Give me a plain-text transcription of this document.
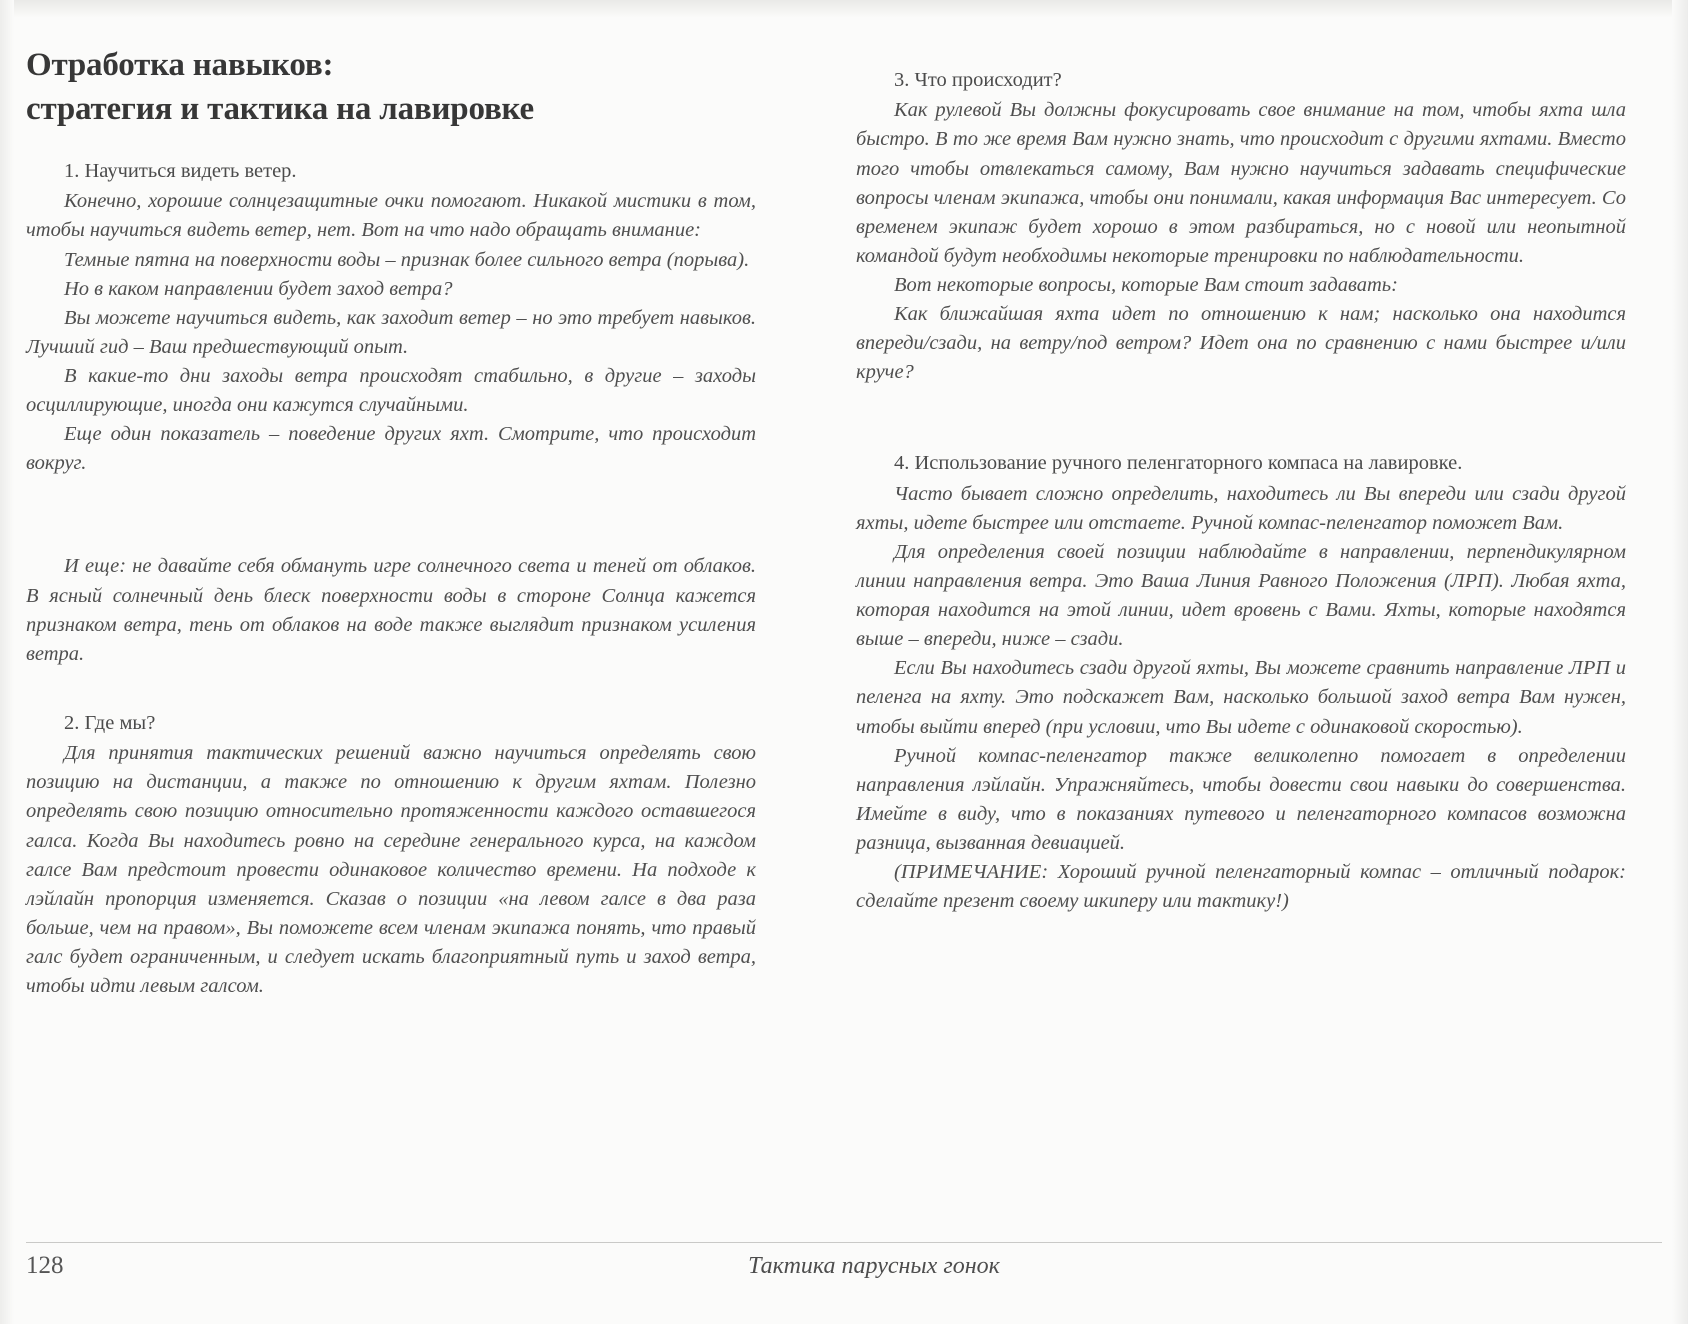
Отработка навыков:
стратегия и тактика на лавировке
1. Научиться видеть ветер.

Конечно, хорошие солнцезащитные очки помогают. Никакой мистики в том, чтобы научиться видеть ветер, нет. Вот на что надо обращать внимание:

Темные пятна на поверхности воды – признак более сильного ветра (порыва).

Но в каком направлении будет заход ветра?

Вы можете научиться видеть, как заходит ветер – но это требует навыков. Лучший гид – Ваш предшествующий опыт.

В какие-то дни заходы ветра происходят стабильно, в другие – заходы осциллирующие, иногда они кажутся случайными.

Еще один показатель – поведение других яхт. Смотрите, что происходит вокруг.

И еще: не давайте себя обмануть игре солнечного света и теней от облаков. В ясный солнечный день блеск поверхности воды в стороне Солнца кажется признаком ветра, тень от облаков на воде также выглядит признаком усиления ветра.

2. Где мы?

Для принятия тактических решений важно научиться определять свою позицию на дистанции, а также по отношению к другим яхтам. Полезно определять свою позицию относительно протяженности каждого оставшегося галса. Когда Вы находитесь ровно на середине генерального курса, на каждом галсе Вам предстоит провести одинаковое количество времени. На подходе к лэйлайн пропорция изменяется. Сказав о позиции «на левом галсе в два раза больше, чем на правом», Вы поможете всем членам экипажа понять, что правый галс будет ограниченным, и следует искать благоприятный путь и заход ветра, чтобы идти левым галсом.

3. Что происходит?

Как рулевой Вы должны фокусировать свое внимание на том, чтобы яхта шла быстро. В то же время Вам нужно знать, что происходит с другими яхтами. Вместо того чтобы отвлекаться самому, Вам нужно научиться задавать специфические вопросы членам экипажа, чтобы они понимали, какая информация Вас интересует. Со временем экипаж будет хорошо в этом разбираться, но с новой или неопытной командой будут необходимы некоторые тренировки по наблюдательности.

Вот некоторые вопросы, которые Вам стоит задавать:

Как ближайшая яхта идет по отношению к нам; насколько она находится впереди/сзади, на ветру/под ветром? Идет она по сравнению с нами быстрее и/или круче?

4. Использование ручного пеленгаторного компаса на лавировке.

Часто бывает сложно определить, находитесь ли Вы впереди или сзади другой яхты, идете быстрее или отстаете. Ручной компас-пеленгатор поможет Вам.

Для определения своей позиции наблюдайте в направлении, перпендикулярном линии направления ветра. Это Ваша Линия Равного Положения (ЛРП). Любая яхта, которая находится на этой линии, идет вровень с Вами. Яхты, которые находятся выше – впереди, ниже – сзади.

Если Вы находитесь сзади другой яхты, Вы можете сравнить направление ЛРП и пеленга на яхту. Это подскажет Вам, насколько большой заход ветра Вам нужен, чтобы выйти вперед (при условии, что Вы идете с одинаковой скоростью).

Ручной компас-пеленгатор также великолепно помогает в определении направления лэйлайн. Упражняйтесь, чтобы довести свои навыки до совершенства. Имейте в виду, что в показаниях путевого и пеленгаторного компасов возможна разница, вызванная девиацией.

(ПРИМЕЧАНИЕ: Хороший ручной пеленгаторный компас – отличный подарок: сделайте презент своему шкиперу или тактику!)

128	Тактика парусных гонок
